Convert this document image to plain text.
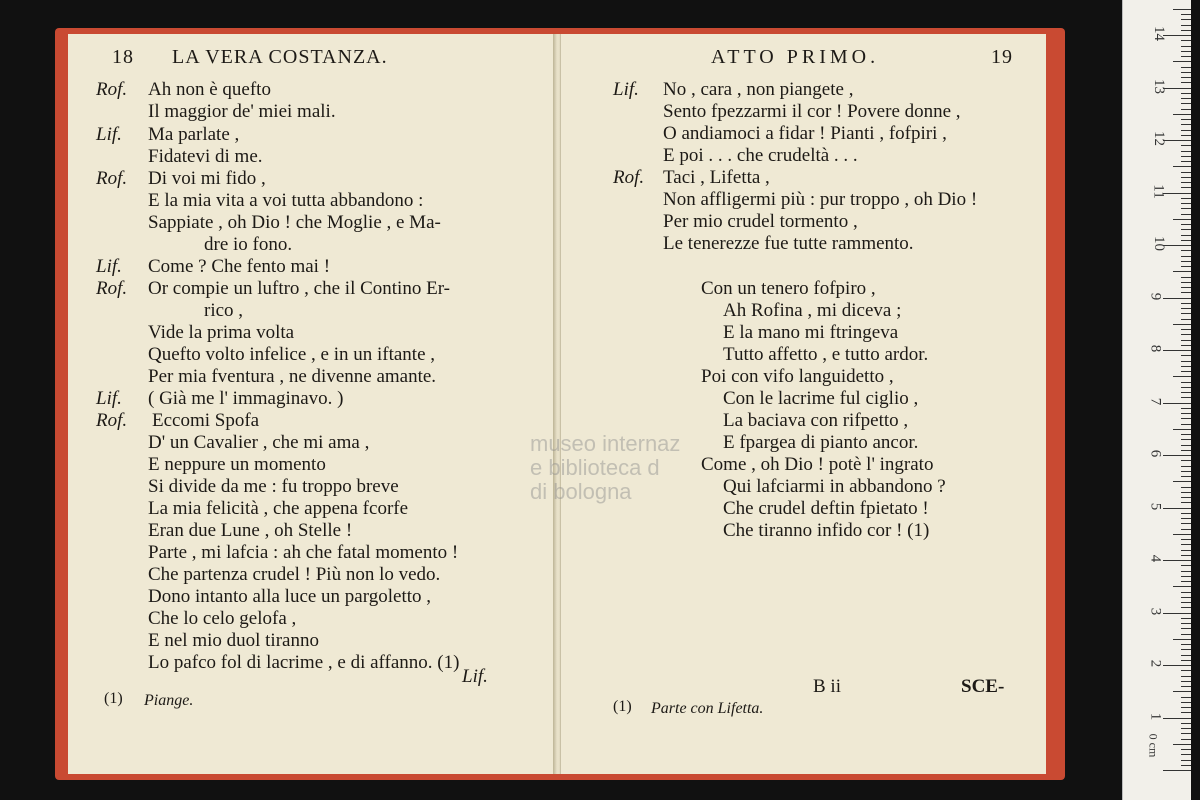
18 LA VERA COSTANZA.
Rof.
Lif.
Rof.
Lif.
Rof.
Lif.
Rof.
Ah non è quefto
Il maggior de' miei mali.
Ma parlate ,
Fidatevi di me.
Di voi mi fido ,
E la mia vita a voi tutta abbandono :
Sappiate , oh Dio ! che Moglie , e Ma-
dre io fono.
Come ? Che fento mai !
Or compie un luftro , che il Contino Er-
rico ,
Vide la prima volta
Quefto volto infelice , e in un iftante ,
Per mia fventura , ne divenne amante.
( Già me l' immaginavo. )
Eccomi Spofa
D' un Cavalier , che mi ama ,
E neppure un momento
Si divide da me : fu troppo breve
La mia felicità , che appena fcorfe
Eran due Lune , oh Stelle !
Parte , mi lafcia : ah che fatal momento !
Che partenza crudel ! Più non lo vedo.
Dono intanto alla luce un pargoletto ,
Che lo celo gelofa ,
E nel mio duol tiranno
Lo pafco fol di lacrime , e di affanno. (1)
Lif.
(1) Piange.
ATTO PRIMO.	19
Lif.
Rof.
No , cara , non piangete ,
Sento fpezzarmi il cor ! Povere donne ,
O andiamoci a fidar ! Pianti , fofpiri ,
E poi . . . che crudeltà . . .
Taci , Lifetta ,
Non affligermi più : pur troppo , oh Dio !
Per mio crudel tormento ,
Le tenerezze fue tutte rammento.
Con un tenero fofpiro ,
Ah Rofina , mi diceva ;
E la mano mi ftringeva
Tutto affetto , e tutto ardor.
Poi con vifo languidetto ,
Con le lacrime ful ciglio ,
La baciava con rifpetto ,
E fpargea di pianto ancor.
Come , oh Dio ! potè l' ingrato
Qui lafciarmi in abbandono ?
Che crudel deftin fpietato !
Che tiranno infido cor ! (1)
B ii	SCE-
(1) Parte con Lifetta.
museo internaz
e biblioteca d
di bologna
1
2
3
4
5
6
7
8
9
10
11
12
13
14
0 cm
